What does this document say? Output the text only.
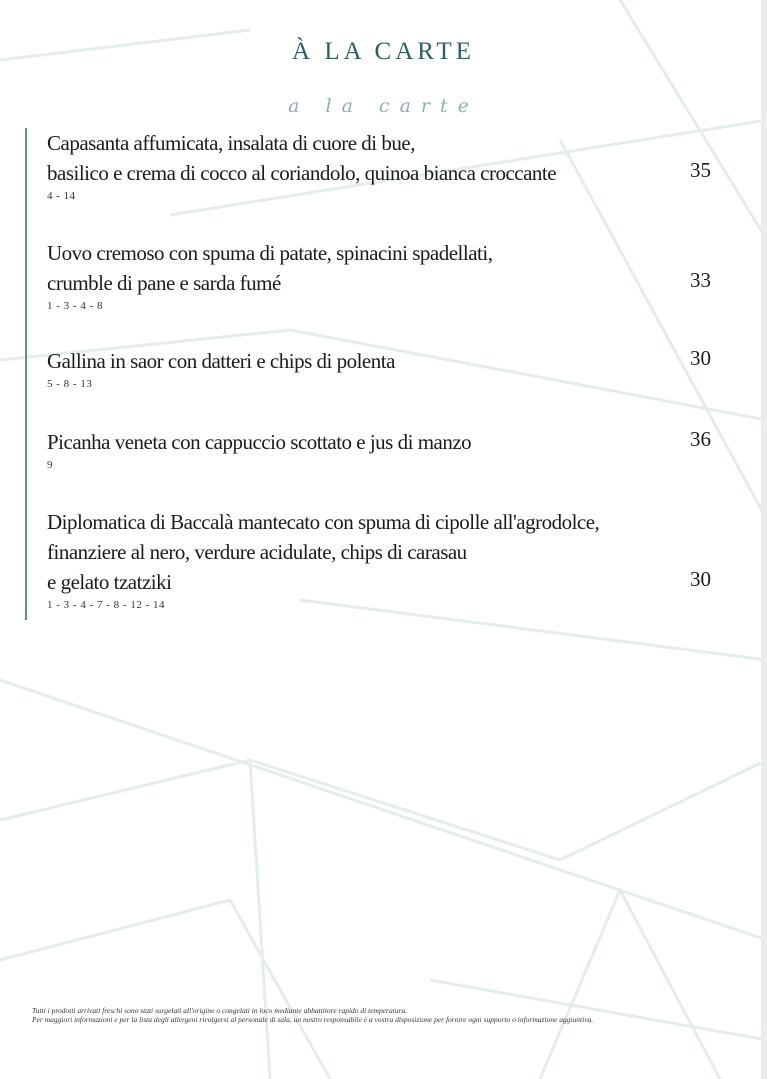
À LA CARTE
a la carte
Capasanta affumicata, insalata di cuore di bue,
basilico e crema di cocco al coriandolo, quinoa bianca croccante	35
4 - 14
Uovo cremoso con spuma di patate, spinacini spadellati,
crumble di pane e sarda fumé	33
1 - 3 - 4 - 8
Gallina in saor con datteri e chips di polenta	30
5 - 8 - 13
Picanha veneta con cappuccio scottato e jus di manzo	36
9
Diplomatica di Baccalà mantecato con spuma di cipolle all'agrodolce,
finanziere al nero, verdure acidulate, chips di carasau
e gelato tzatziki	30
1 - 3 - 4 - 7 - 8 - 12 - 14
Tutti i prodotti arrivati freschi sono stati surgelati all'origine o congelati in loco mediante abbattitore rapido di temperatura.
Per maggiori informazioni e per la lista degli allergeni rivolgersi al personale di sala, un nostro responsabile è a vostra disposizione per fornire ogni supporto o informazione aggiuntiva.
